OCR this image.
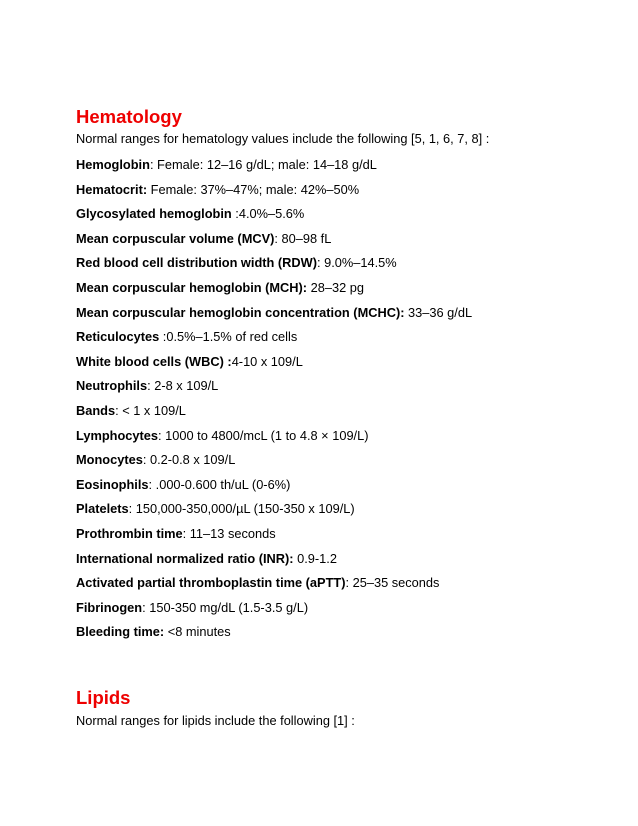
Hematology

Normal ranges for hematology values include the following [5, 1, 6, 7, 8] :

Hemoglobin: Female: 12–16 g/dL; male: 14–18 g/dL
Hematocrit: Female: 37%–47%; male: 42%–50%
Glycosylated hemoglobin :4.0%–5.6%
Mean corpuscular volume (MCV): 80–98 fL
Red blood cell distribution width (RDW): 9.0%–14.5%
Mean corpuscular hemoglobin (MCH): 28–32 pg
Mean corpuscular hemoglobin concentration (MCHC): 33–36 g/dL
Reticulocytes :0.5%–1.5% of red cells
White blood cells (WBC) :4-10 x 109/L
Neutrophils: 2-8 x 109/L
Bands: < 1 x 109/L
Lymphocytes: 1000 to 4800/mcL (1 to 4.8 × 109/L)
Monocytes: 0.2-0.8 x 109/L
Eosinophils: .000-0.600 th/uL (0-6%)
Platelets: 150,000-350,000/µL (150-350 x 109/L)
Prothrombin time: 11–13 seconds
International normalized ratio (INR): 0.9-1.2
Activated partial thromboplastin time (aPTT): 25–35 seconds
Fibrinogen: 150-350 mg/dL (1.5-3.5 g/L)
Bleeding time: <8 minutes
Lipids

Normal ranges for lipids include the following [1] :
